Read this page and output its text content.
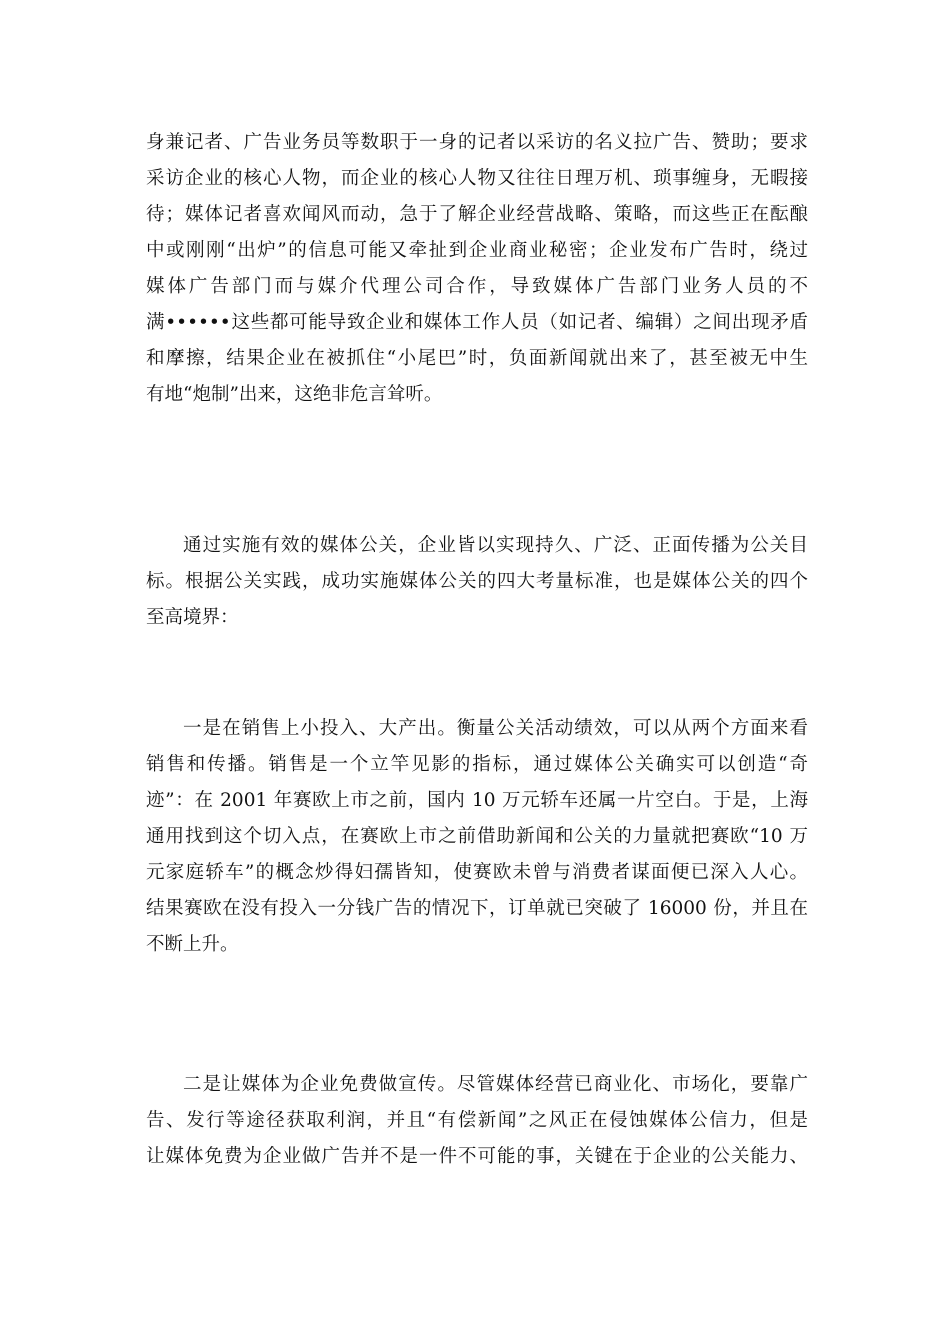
身兼记者、广告业务员等数职于一身的记者以采访的名义拉广告、赞助；要求
采访企业的核心人物，而企业的核心人物又往往日理万机、琐事缠身，无暇接
待；媒体记者喜欢闻风而动，急于了解企业经营战略、策略，而这些正在酝酿
中或刚刚“出炉”的信息可能又牵扯到企业商业秘密；企业发布广告时，绕过
媒体广告部门而与媒介代理公司合作，导致媒体广告部门业务人员的不
满••••••这些都可能导致企业和媒体工作人员（如记者、编辑）之间出现矛盾
和摩擦，结果企业在被抓住“小尾巴”时，负面新闻就出来了，甚至被无中生
有地“炮制”出来，这绝非危言耸听。
通过实施有效的媒体公关，企业皆以实现持久、广泛、正面传播为公关目
标。根据公关实践，成功实施媒体公关的四大考量标准，也是媒体公关的四个
至高境界：
一是在销售上小投入、大产出。衡量公关活动绩效，可以从两个方面来看
销售和传播。销售是一个立竿见影的指标，通过媒体公关确实可以创造“奇
迹”：在 2001 年赛欧上市之前，国内 10 万元轿车还属一片空白。于是，上海
通用找到这个切入点，在赛欧上市之前借助新闻和公关的力量就把赛欧“10 万
元家庭轿车”的概念炒得妇孺皆知，使赛欧未曾与消费者谋面便已深入人心。
结果赛欧在没有投入一分钱广告的情况下，订单就已突破了 16000 份，并且在
不断上升。
二是让媒体为企业免费做宣传。尽管媒体经营已商业化、市场化，要靠广
告、发行等途径获取利润，并且“有偿新闻”之风正在侵蚀媒体公信力，但是
让媒体免费为企业做广告并不是一件不可能的事，关键在于企业的公关能力、
